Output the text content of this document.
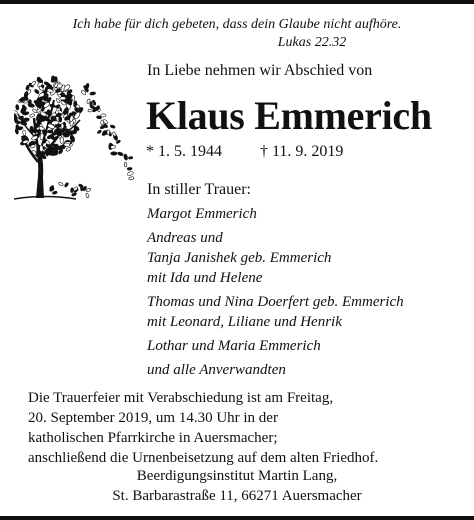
Ich habe für dich gebeten, dass dein Glaube nicht aufhöre.
Lukas 22.32
In Liebe nehmen wir Abschied von
Klaus Emmerich
* 1. 5. 1944 † 11. 9. 2019
In stiller Trauer:
Margot Emmerich
Andreas und
Tanja Janishek geb. Emmerich
mit Ida und Helene
Thomas und Nina Doerfert geb. Emmerich
mit Leonard, Liliane und Henrik
Lothar und Maria Emmerich
und alle Anverwandten
Die Trauerfeier mit Verabschiedung ist am Freitag,
20. September 2019, um 14.30 Uhr in der
katholischen Pfarrkirche in Auersmacher;
anschließend die Urnenbeisetzung auf dem alten Friedhof.
Beerdigungsinstitut Martin Lang,
St. Barbarastraße 11, 66271 Auersmacher
